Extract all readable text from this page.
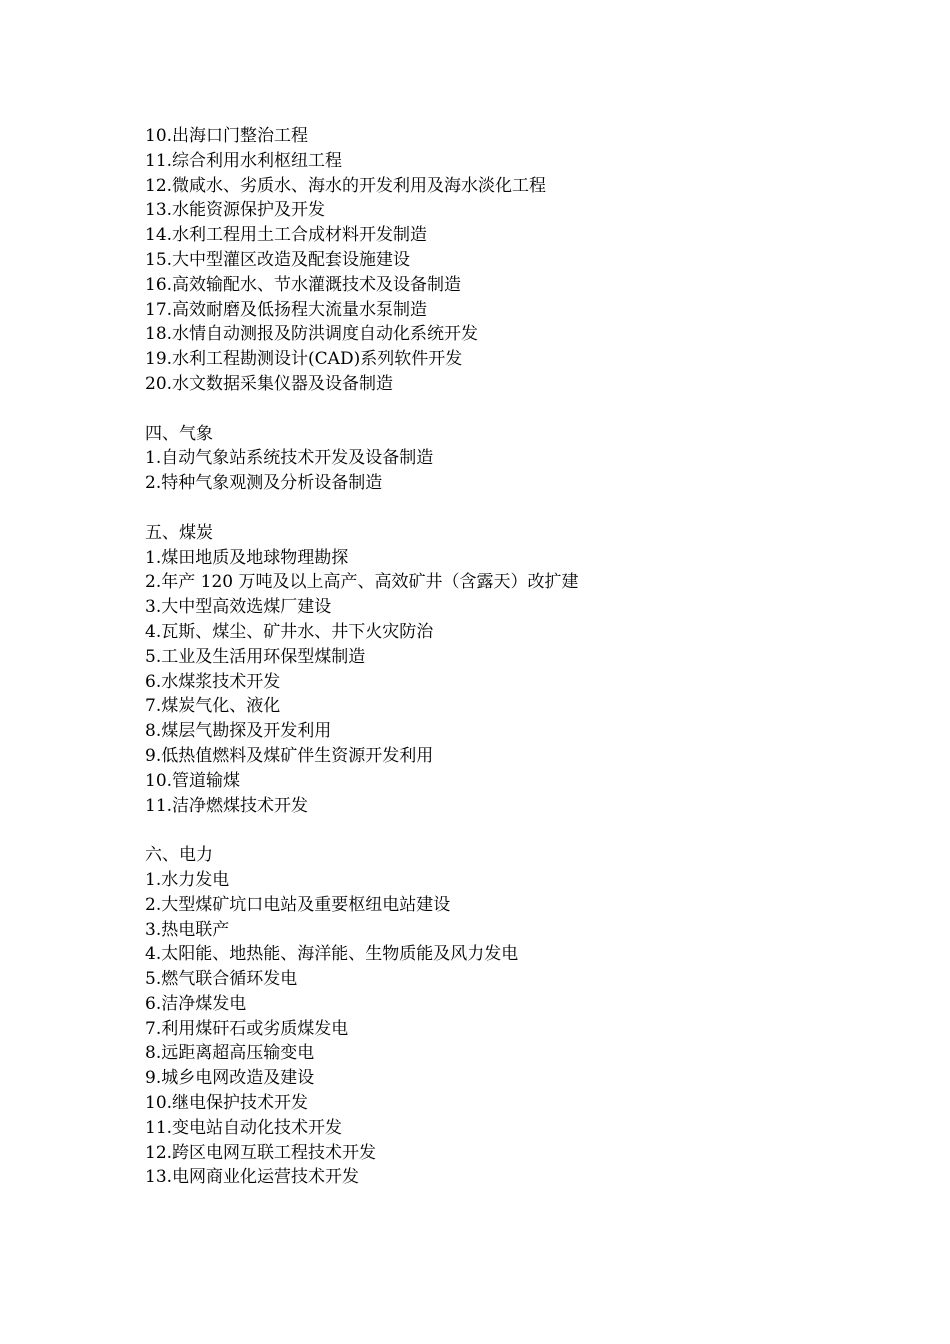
10.出海口门整治工程
11.综合利用水利枢纽工程
12.微咸水、劣质水、海水的开发利用及海水淡化工程
13.水能资源保护及开发
14.水利工程用土工合成材料开发制造
15.大中型灌区改造及配套设施建设
16.高效输配水、节水灌溉技术及设备制造
17.高效耐磨及低扬程大流量水泵制造
18.水情自动测报及防洪调度自动化系统开发
19.水利工程勘测设计(CAD)系列软件开发
20.水文数据采集仪器及设备制造
四、气象
1.自动气象站系统技术开发及设备制造
2.特种气象观测及分析设备制造
五、煤炭
1.煤田地质及地球物理勘探
2.年产 120 万吨及以上高产、高效矿井（含露天）改扩建
3.大中型高效选煤厂建设
4.瓦斯、煤尘、矿井水、井下火灾防治
5.工业及生活用环保型煤制造
6.水煤浆技术开发
7.煤炭气化、液化
8.煤层气勘探及开发利用
9.低热值燃料及煤矿伴生资源开发利用
10.管道输煤
11.洁净燃煤技术开发
六、电力
1.水力发电
2.大型煤矿坑口电站及重要枢纽电站建设
3.热电联产
4.太阳能、地热能、海洋能、生物质能及风力发电
5.燃气联合循环发电
6.洁净煤发电
7.利用煤矸石或劣质煤发电
8.远距离超高压输变电
9.城乡电网改造及建设
10.继电保护技术开发
11.变电站自动化技术开发
12.跨区电网互联工程技术开发
13.电网商业化运营技术开发
